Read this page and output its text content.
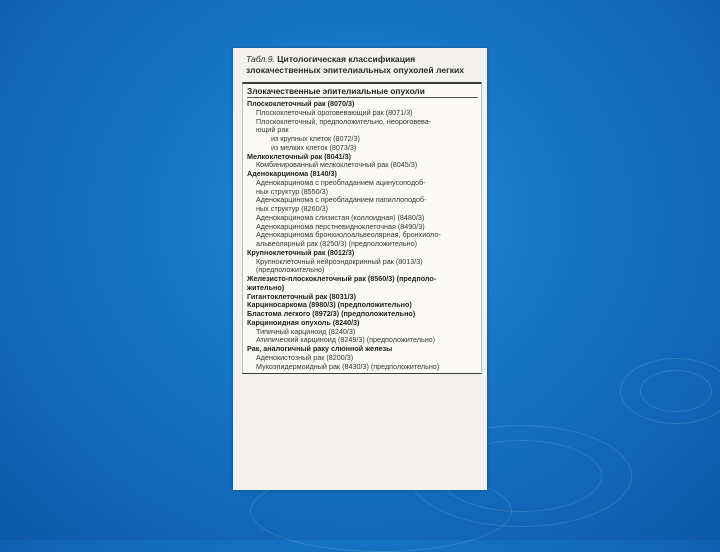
Табл.9. Цитологическая классификация злокачественных эпителиальных опухолей легких
Злокачественные эпителиальные опухоли
Плоскоклеточный рак (8070/3)
Плоскоклеточный ороговевающий рак (8071/3)
Плоскоклеточный, предположительно, неороговева-
ющий рак
из крупных клеток (8072/3)
из мелких клеток (8073/3)
Мелкоклеточный рак (8041/3)
Комбинированный мелкоклеточный рак (8045/3)
Аденокарцинома (8140/3)
Аденокарцинома с преобладанием ацинусоподоб-
ных структур (8550/3)
Аденокарцинома с преобладанием папиллоподоб-
ных структур (8260/3)
Аденокарцинома слизистая (коллоидная) (8480/3)
Аденокарцинома перстневидноклеточная (8490/3)
Аденокарцинома бронхиолоальвеолярная, бронхиоло-
альвеолярный рак (8250/3) (предположительно)
Крупноклеточный рак (8012/3)
Крупноклеточный нейроэндокринный рак (8013/3)
(предположительно)
Железисто-плоскоклеточный рак (8560/3) (предполо-
жительно)
Гигантоклеточный рак (8031/3)
Карциносаркома (8980/3) (предположительно)
Бластома легкого (8972/3) (предположительно)
Карциноидная опухоль (8240/3)
Типичный карциноид (8240/3)
Атипический карциноид (8249/3) (предположительно)
Рак, аналогичный раку слюнной железы
Аденокистозный рак (8200/3)
Мукоэпидермоидный рак (8430/3) (предположительно)
